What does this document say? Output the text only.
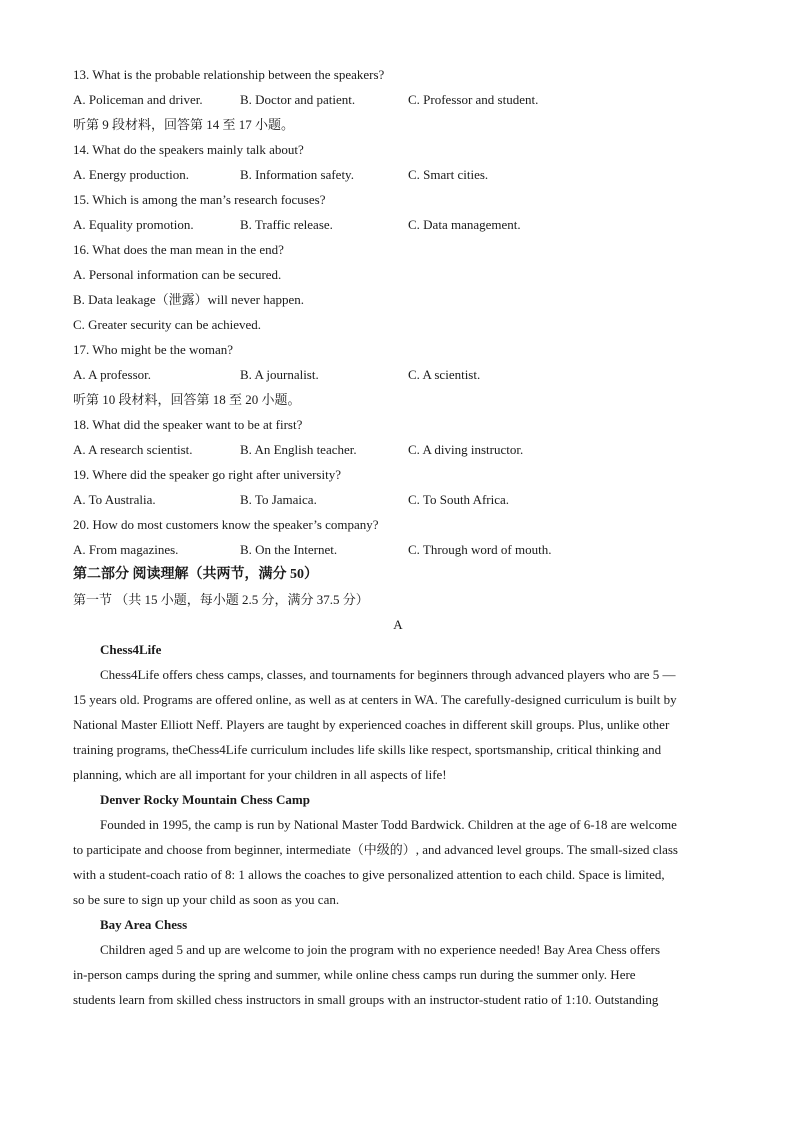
13. What is the probable relationship between the speakers?
A. Policeman and driver.	B. Doctor and patient.	C. Professor and student.
听第 9 段材料，回答第 14 至 17 小题。
14. What do the speakers mainly talk about?
A. Energy production.	B. Information safety.	C. Smart cities.
15. Which is among the man’s research focuses?
A. Equality promotion.	B. Traffic release.	C. Data management.
16. What does the man mean in the end?
A. Personal information can be secured.
B. Data leakage（泄露）will never happen.
C. Greater security can be achieved.
17. Who might be the woman?
A. A professor.	B. A journalist.	C. A scientist.
听第 10 段材料，回答第 18 至 20 小题。
18. What did the speaker want to be at first?
A. A research scientist.	B. An English teacher.	C. A diving instructor.
19. Where did the speaker go right after university?
A. To Australia.	B. To Jamaica.	C. To South Africa.
20. How do most customers know the speaker’s company?
A. From magazines.	B. On the Internet.	C. Through word of mouth.
第二部分 阅读理解（共两节，满分 50）
第一节 （共 15 小题，每小题 2.5 分，满分 37.5 分）
A
Chess4Life
Chess4Life offers chess camps, classes, and tournaments for beginners through advanced players who are 5 —
15 years old. Programs are offered online, as well as at centers in WA. The carefully-designed curriculum is built by
National Master Elliott Neff. Players are taught by experienced coaches in different skill groups. Plus, unlike other
training programs, theChess4Life curriculum includes life skills like respect, sportsmanship, critical thinking and
planning, which are all important for your children in all aspects of life!
Denver Rocky Mountain Chess Camp
Founded in 1995, the camp is run by National Master Todd Bardwick. Children at the age of 6-18 are welcome
to participate and choose from beginner, intermediate（中级的）, and advanced level groups. The small-sized class
with a student-coach ratio of 8: 1 allows the coaches to give personalized attention to each child. Space is limited,
so be sure to sign up your child as soon as you can.
Bay Area Chess
Children aged 5 and up are welcome to join the program with no experience needed! Bay Area Chess offers
in-person camps during the spring and summer, while online chess camps run during the summer only. Here
students learn from skilled chess instructors in small groups with an instructor-student ratio of 1:10. Outstanding
